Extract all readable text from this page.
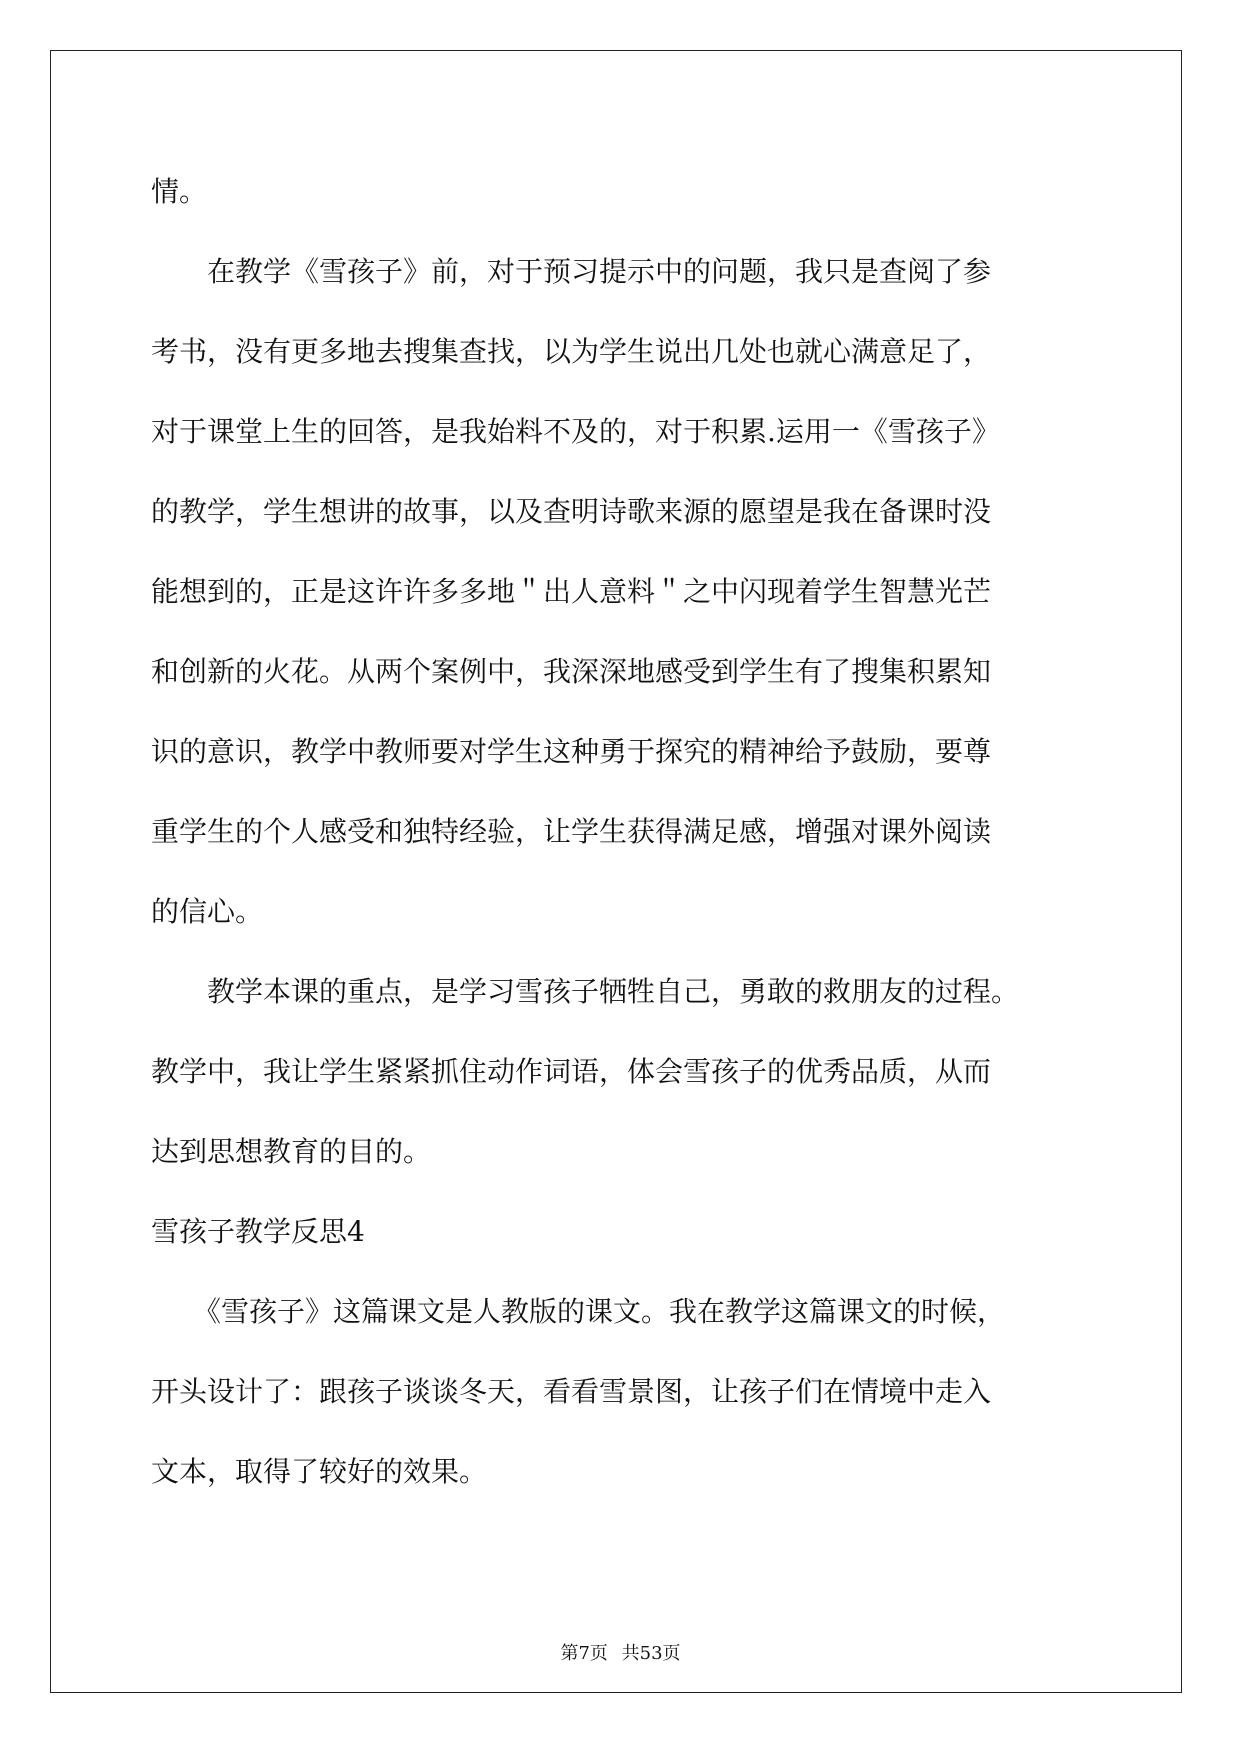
情。

　　在教学《雪孩子》前，对于预习提示中的问题，我只是查阅了参

考书，没有更多地去搜集查找，以为学生说出几处也就心满意足了，

对于课堂上生的回答，是我始料不及的，对于积累.运用一《雪孩子》

的教学，学生想讲的故事，以及查明诗歌来源的愿望是我在备课时没

能想到的，正是这许许多多地＂出人意料＂之中闪现着学生智慧光芒

和创新的火花。从两个案例中，我深深地感受到学生有了搜集积累知

识的意识，教学中教师要对学生这种勇于探究的精神给予鼓励，要尊

重学生的个人感受和独特经验，让学生获得满足感，增强对课外阅读

的信心。

　　教学本课的重点，是学习雪孩子牺牲自己，勇敢的救朋友的过程。

教学中，我让学生紧紧抓住动作词语，体会雪孩子的优秀品质，从而

达到思想教育的目的。

雪孩子教学反思4

　　《雪孩子》这篇课文是人教版的课文。我在教学这篇课文的时候，

开头设计了：跟孩子谈谈冬天，看看雪景图，让孩子们在情境中走入

文本，取得了较好的效果。

第7页 共53页
